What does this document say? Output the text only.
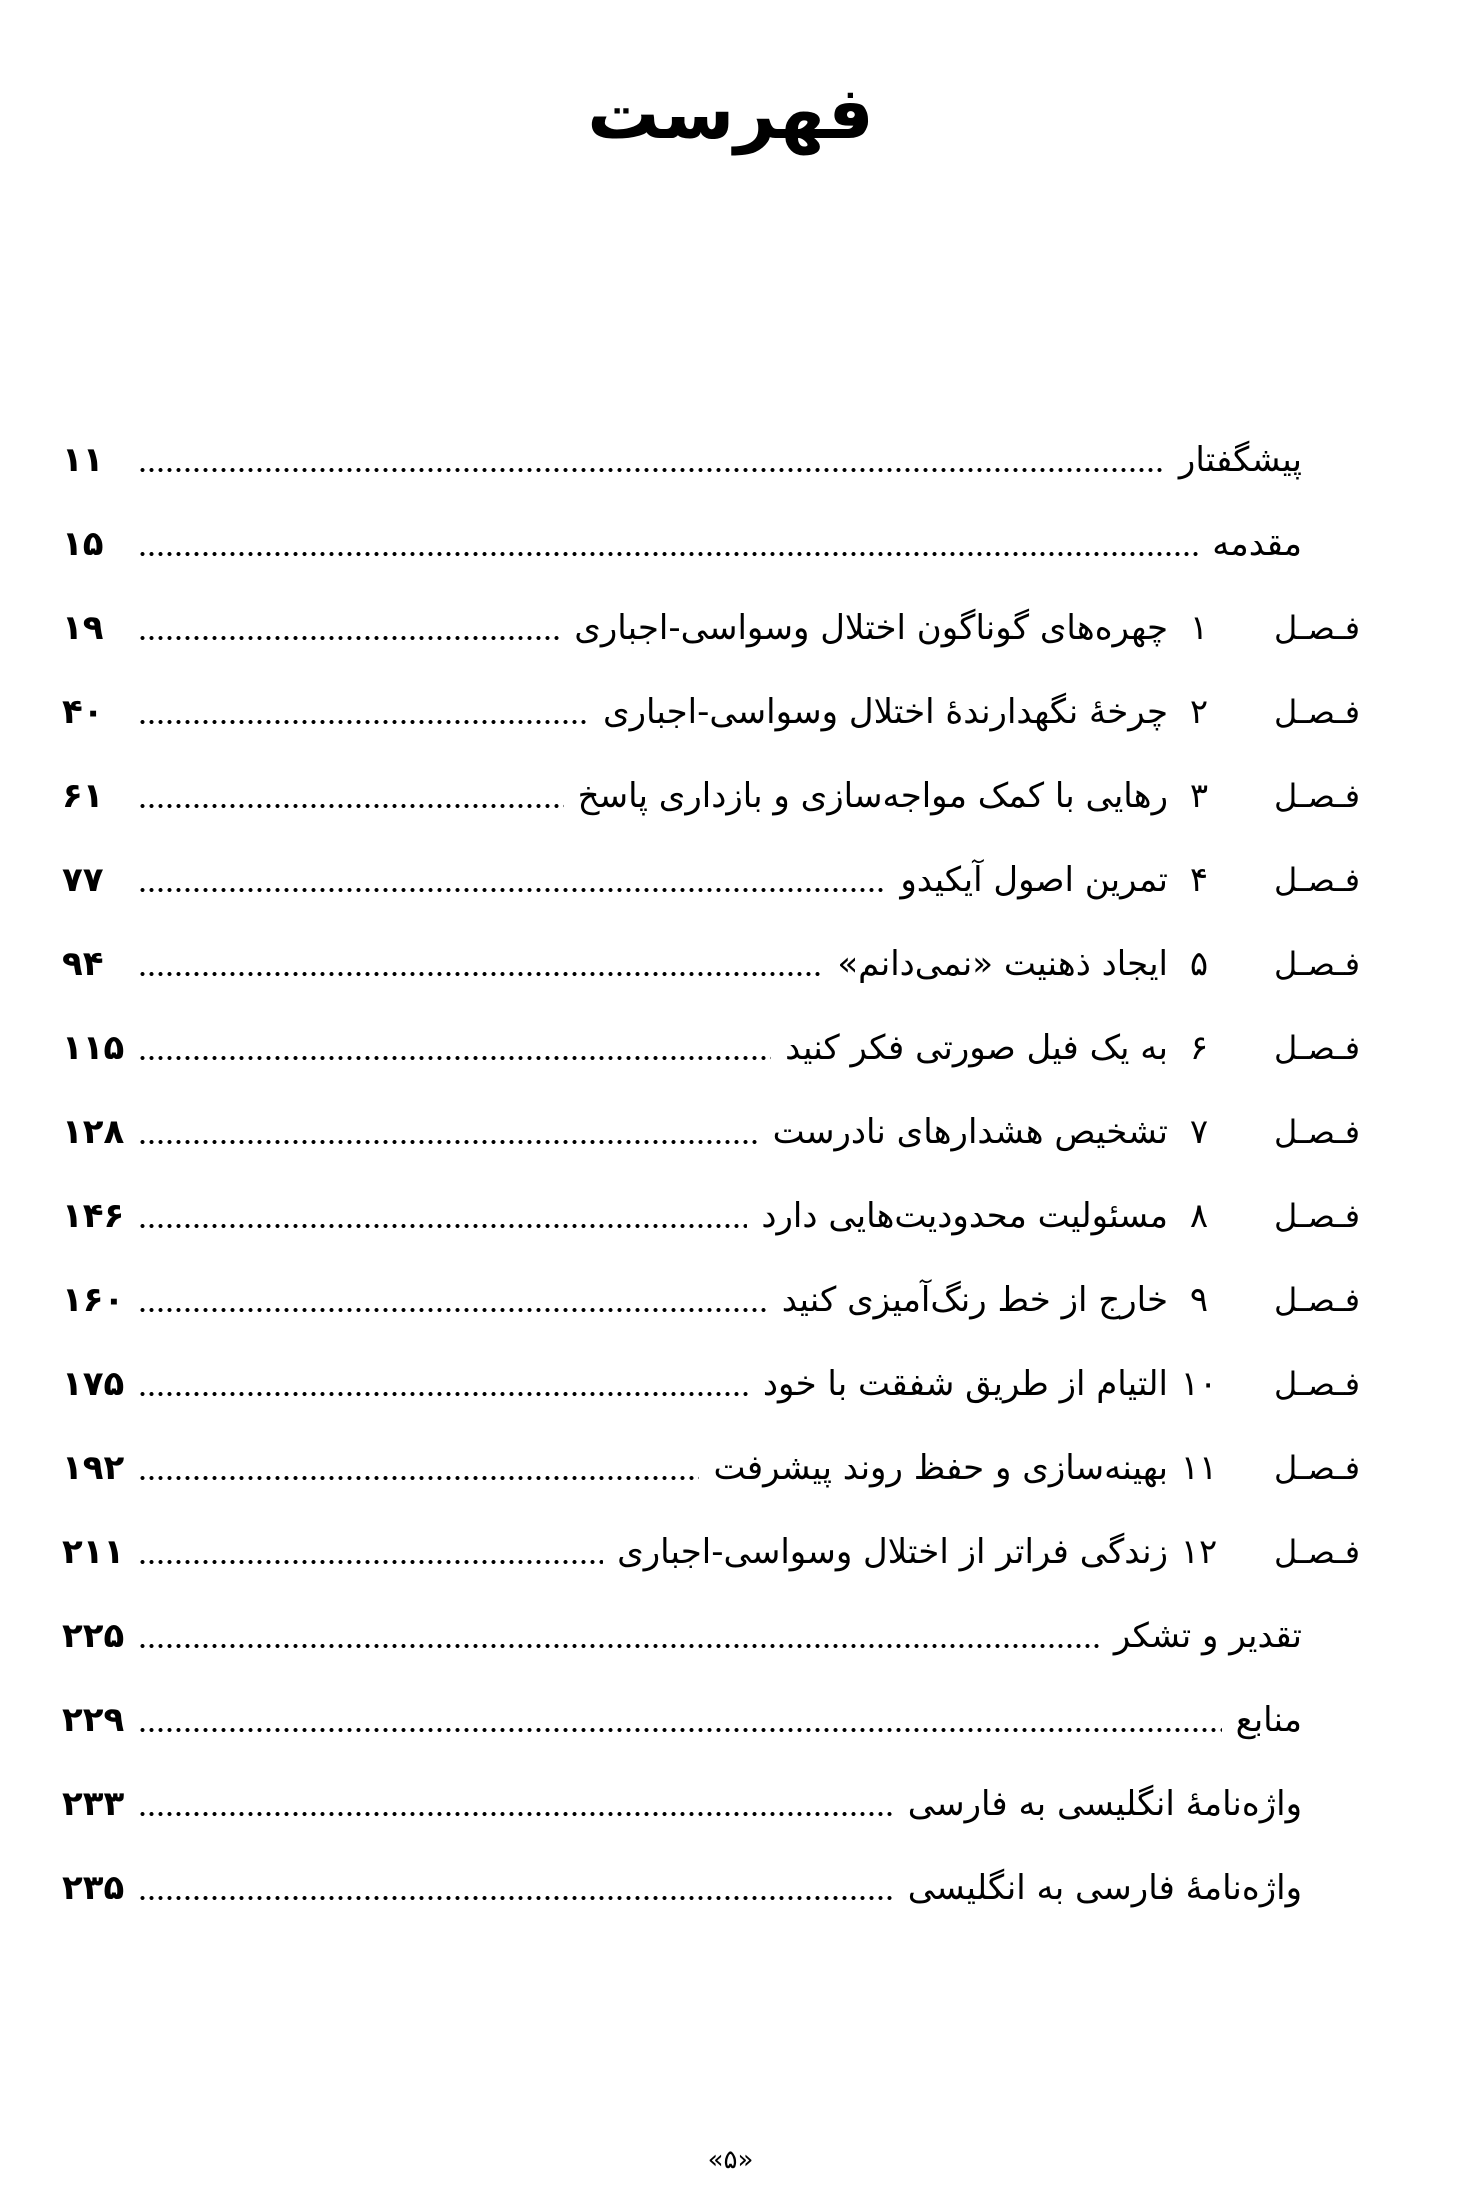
فهرست
پیشگفتار
۱۱
مقدمه
۱۵
فـصـل
۱
چهره‌های گوناگون اختلال وسواسی-اجباری
۱۹
فـصـل
۲
چرخهٔ نگهدارندهٔ اختلال وسواسی-اجباری
۴۰
فـصـل
۳
رهایی با کمک مواجه‌سازی و بازداری پاسخ
۶۱
فـصـل
۴
تمرین اصول آیکیدو
۷۷
فـصـل
۵
ایجاد ذهنیت «نمی‌دانم»
۹۴
فـصـل
۶
به یک فیل صورتی فکر کنید
۱۱۵
فـصـل
۷
تشخیص هشدارهای نادرست
۱۲۸
فـصـل
۸
مسئولیت محدودیت‌هایی دارد
۱۴۶
فـصـل
۹
خارج از خط رنگ‌آمیزی کنید
۱۶۰
فـصـل
۱۰
التیام از طریق شفقت با خود
۱۷۵
فـصـل
۱۱
بهینه‌سازی و حفظ روند پیشرفت
۱۹۲
فـصـل
۱۲
زندگی فراتر از اختلال وسواسی-اجباری
۲۱۱
تقدیر و تشکر
۲۲۵
منابع
۲۲۹
واژه‌نامهٔ انگلیسی به فارسی
۲۳۳
واژه‌نامهٔ فارسی به انگلیسی
۲۳۵
«۵»
